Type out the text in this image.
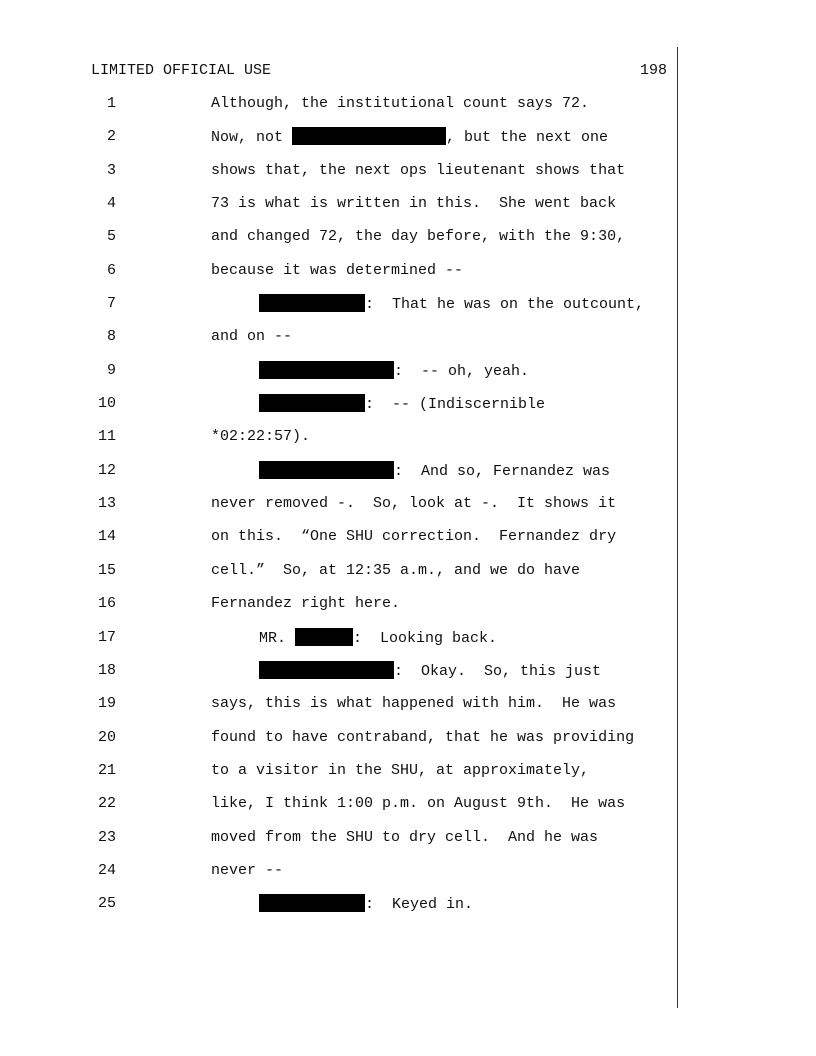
LIMITED OFFICIAL USE	198
1	Although, the institutional count says 72.
2	Now, not	, but the next one
3	shows that, the next ops lieutenant shows that
4	73 is what is written in this.  She went back
5	and changed 72, the day before, with the 9:30,
6	because it was determined --
7	:  That he was on the outcount,
8	and on --
9	:  -- oh, yeah.
10	:  -- (Indiscernible
11	*02:22:57).
12	:  And so, Fernandez was
13	never removed -.  So, look at -.  It shows it
14	on this.  “One SHU correction.  Fernandez dry
15	cell.”  So, at 12:35 a.m., and we do have
16	Fernandez right here.
17	MR.	:  Looking back.
18	:  Okay.  So, this just
19	says, this is what happened with him.  He was
20	found to have contraband, that he was providing
21	to a visitor in the SHU, at approximately,
22	like, I think 1:00 p.m. on August 9th.  He was
23	moved from the SHU to dry cell.  And he was
24	never --
25	:  Keyed in.
